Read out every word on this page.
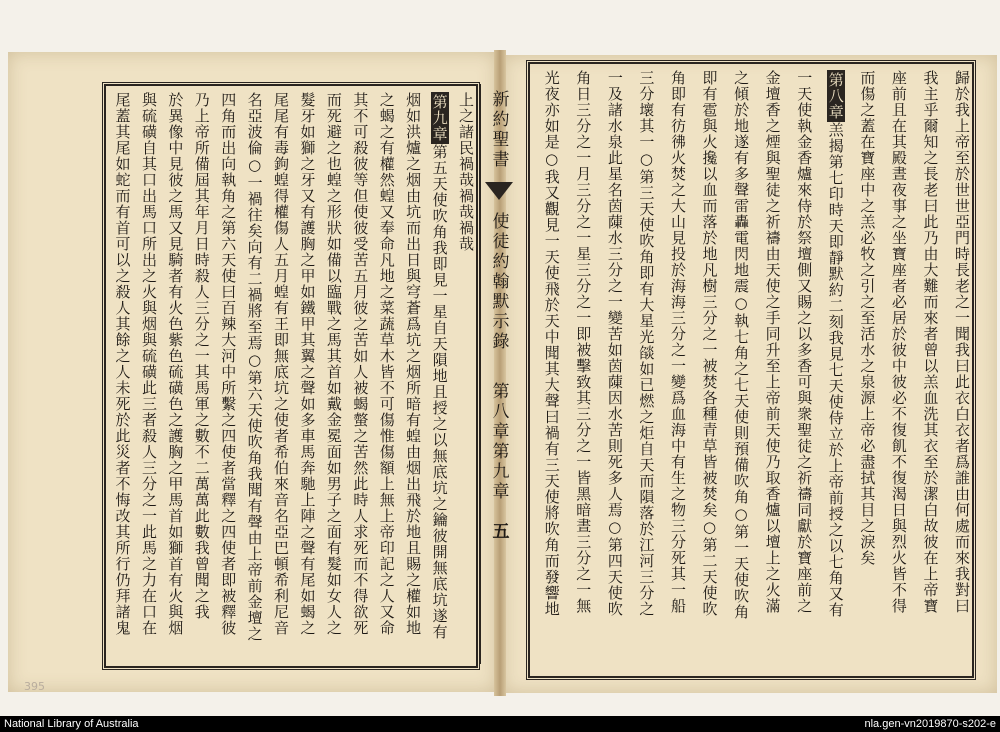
歸於我上帝至於世世亞門時長老之一聞我曰此衣白衣者爲誰由何處而來我對曰
我主乎爾知之長老曰此乃由大難而來者曾以羔血洗其衣至於潔白故彼在上帝寶
座前且在其殿晝夜事之坐寶座者必居於彼中彼必不復飢不復渴日與烈火皆不得
而傷之蓋在寶座中之羔必牧之引之至活水之泉源上帝必盡拭其目之淚矣
第八章羔揭第七印時天即靜默約二刻我見七天使侍立於上帝前授之以七角又有
一天使執金香爐來侍於祭壇側又賜之以多香可與衆聖徒之祈禱同獻於寶座前之
金壇香之煙與聖徒之祈禱由天使之手同升至上帝前天使乃取香爐以壇上之火滿
之傾於地遂有多聲雷轟電閃地震○執七角之七天使則預備吹角○第一天使吹角
即有雹與火攙以血而落於地凡樹三分之一被焚各種青草皆被焚矣○第二天使吹
角即有彷彿火焚之大山見投於海海三分之一變爲血海中有生之物三分死其一船
三分壞其一○第三天使吹角即有大星光燄如已燃之炬自天而隕落於江河三分之
一及諸水泉此星名茵蔯水三分之一變苦如茵蔯因水苦則死多人焉○第四天使吹
角日三分之一月三分之一星三分之一即被擊致其三分之一皆黑暗晝三分之一無
光夜亦如是○我又觀見一天使飛於天中聞其大聲曰禍有三天使將吹角而發響地
上之諸民禍哉禍哉禍哉
第九章第五天使吹角我即見一星自天隕地且授之以無底坑之鑰彼開無底坑遂有
烟如洪爐之烟由坑而出日與穹蒼爲坑之烟所暗有蝗由烟出飛於地且賜之權如地
之蝎之有權然蝗又奉命凡地之菜蔬草木皆不可傷惟傷額上無上帝印記之人又命
其不可殺彼等但使彼受苦五月彼之苦如人被蝎螫之苦然此時人求死而不得欲死
而死避之也蝗之形狀如備以臨戰之馬其首如戴金冕面如男子之面有髮如女人之
髮牙如獅之牙又有護胸之甲如鐵甲其翼之聲如多車馬奔馳上陣之聲有尾如蝎之
尾尾有毒鉤蝗得權傷人五月蝗有王即無底坑之使者希伯來音名亞巴頓希利尼音
名亞波倫○一禍往矣向有二禍將至焉○第六天使吹角我聞有聲由上帝前金壇之
四角而出向執角之第六天使曰百辣大河中所繫之四使者當釋之四使者即被釋彼
乃上帝所備屆其年月日時殺人三分之一其馬軍之數不二萬萬此數我曾聞之我
於異像中見彼之馬又見騎者有火色紫色硫磺色之護胸之甲馬首如獅首有火與烟
與硫磺自其口出馬口所出之火與烟與硫磺此三者殺人三分之一此馬之力在口在
尾蓋其尾如蛇而有首可以之殺人其餘之人未死於此災者不悔改其所行仍拜諸鬼	新約聖書
使徒約翰默示錄
第八章
第九章
五
395
National Library of Australia	nla.gen-vn2019870-s202-e
